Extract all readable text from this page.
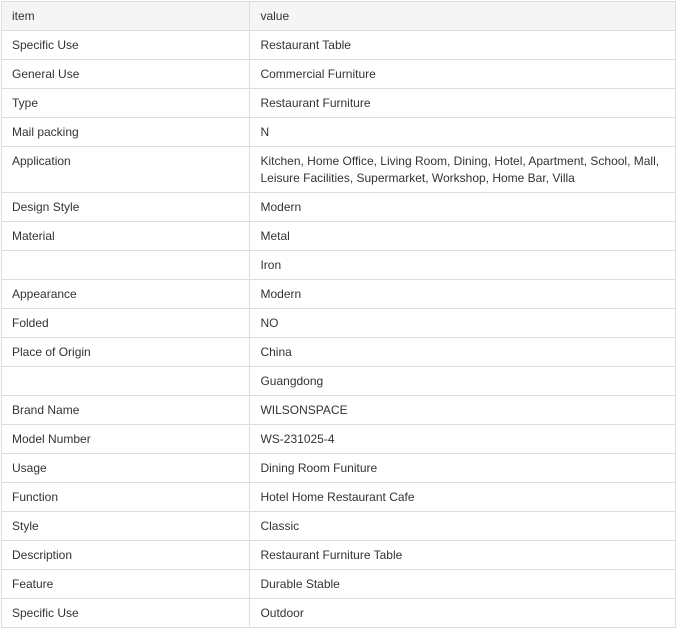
item	value
Specific Use	Restaurant Table
General Use	Commercial Furniture
Type	Restaurant Furniture
Mail packing	N
Application	Kitchen, Home Office, Living Room, Dining, Hotel, Apartment, School, Mall, Leisure Facilities, Supermarket, Workshop, Home Bar, Villa
Design Style	Modern
Material	Metal
	Iron
Appearance	Modern
Folded	NO
Place of Origin	China
	Guangdong
Brand Name	WILSONSPACE
Model Number	WS-231025-4
Usage	Dining Room Funiture
Function	Hotel Home Restaurant Cafe
Style	Classic
Description	Restaurant Furniture Table
Feature	Durable Stable
Specific Use	Outdoor
